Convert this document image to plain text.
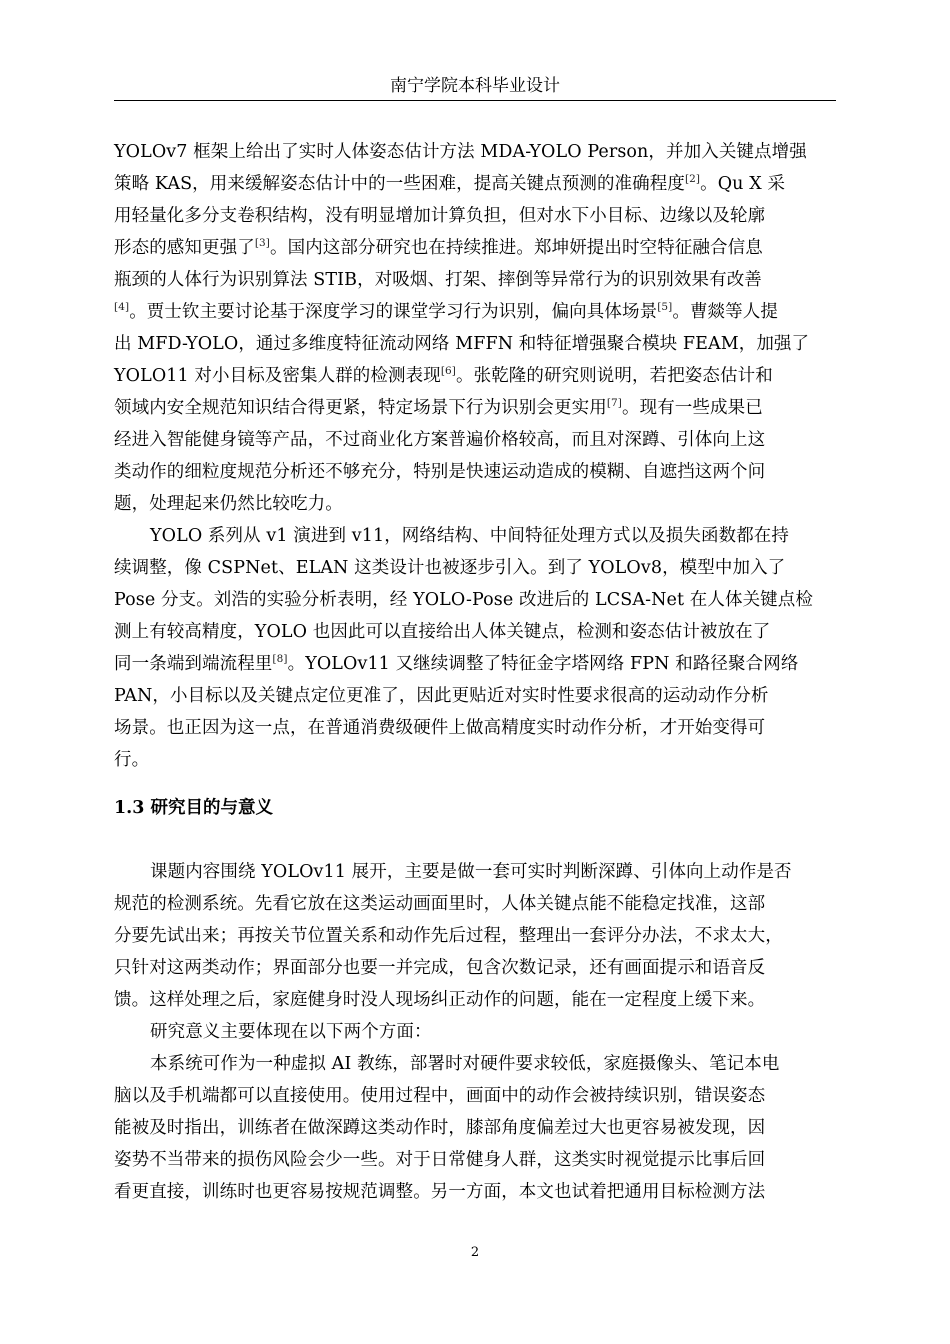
南宁学院本科毕业设计
YOLOv7 框架上给出了实时人体姿态估计方法 MDA-YOLO Person，并加入关键点增强
策略 KAS，用来缓解姿态估计中的一些困难，提高关键点预测的准确程度[2]。Qu X 采
用轻量化多分支卷积结构，没有明显增加计算负担，但对水下小目标、边缘以及轮廓
形态的感知更强了[3]。国内这部分研究也在持续推进。郑坤妍提出时空特征融合信息
瓶颈的人体行为识别算法 STIB，对吸烟、打架、摔倒等异常行为的识别效果有改善
[4]。贾士钦主要讨论基于深度学习的课堂学习行为识别，偏向具体场景[5]。曹燚等人提
出 MFD-YOLO，通过多维度特征流动网络 MFFN 和特征增强聚合模块 FEAM，加强了
YOLO11 对小目标及密集人群的检测表现[6]。张乾隆的研究则说明，若把姿态估计和
领域内安全规范知识结合得更紧，特定场景下行为识别会更实用[7]。现有一些成果已
经进入智能健身镜等产品，不过商业化方案普遍价格较高，而且对深蹲、引体向上这
类动作的细粒度规范分析还不够充分，特别是快速运动造成的模糊、自遮挡这两个问
题，处理起来仍然比较吃力。
YOLO 系列从 v1 演进到 v11，网络结构、中间特征处理方式以及损失函数都在持
续调整，像 CSPNet、ELAN 这类设计也被逐步引入。到了 YOLOv8，模型中加入了
Pose 分支。刘浩的实验分析表明，经 YOLO-Pose 改进后的 LCSA-Net 在人体关键点检
测上有较高精度，YOLO 也因此可以直接给出人体关键点，检测和姿态估计被放在了
同一条端到端流程里[8]。YOLOv11 又继续调整了特征金字塔网络 FPN 和路径聚合网络
PAN，小目标以及关键点定位更准了，因此更贴近对实时性要求很高的运动动作分析
场景。也正因为这一点，在普通消费级硬件上做高精度实时动作分析，才开始变得可
行。
1.3 研究目的与意义
课题内容围绕 YOLOv11 展开，主要是做一套可实时判断深蹲、引体向上动作是否
规范的检测系统。先看它放在这类运动画面里时，人体关键点能不能稳定找准，这部
分要先试出来；再按关节位置关系和动作先后过程，整理出一套评分办法，不求太大，
只针对这两类动作；界面部分也要一并完成，包含次数记录，还有画面提示和语音反
馈。这样处理之后，家庭健身时没人现场纠正动作的问题，能在一定程度上缓下来。
研究意义主要体现在以下两个方面：
本系统可作为一种虚拟 AI 教练，部署时对硬件要求较低，家庭摄像头、笔记本电
脑以及手机端都可以直接使用。使用过程中，画面中的动作会被持续识别，错误姿态
能被及时指出，训练者在做深蹲这类动作时，膝部角度偏差过大也更容易被发现，因
姿势不当带来的损伤风险会少一些。对于日常健身人群，这类实时视觉提示比事后回
看更直接，训练时也更容易按规范调整。另一方面，本文也试着把通用目标检测方法
2
